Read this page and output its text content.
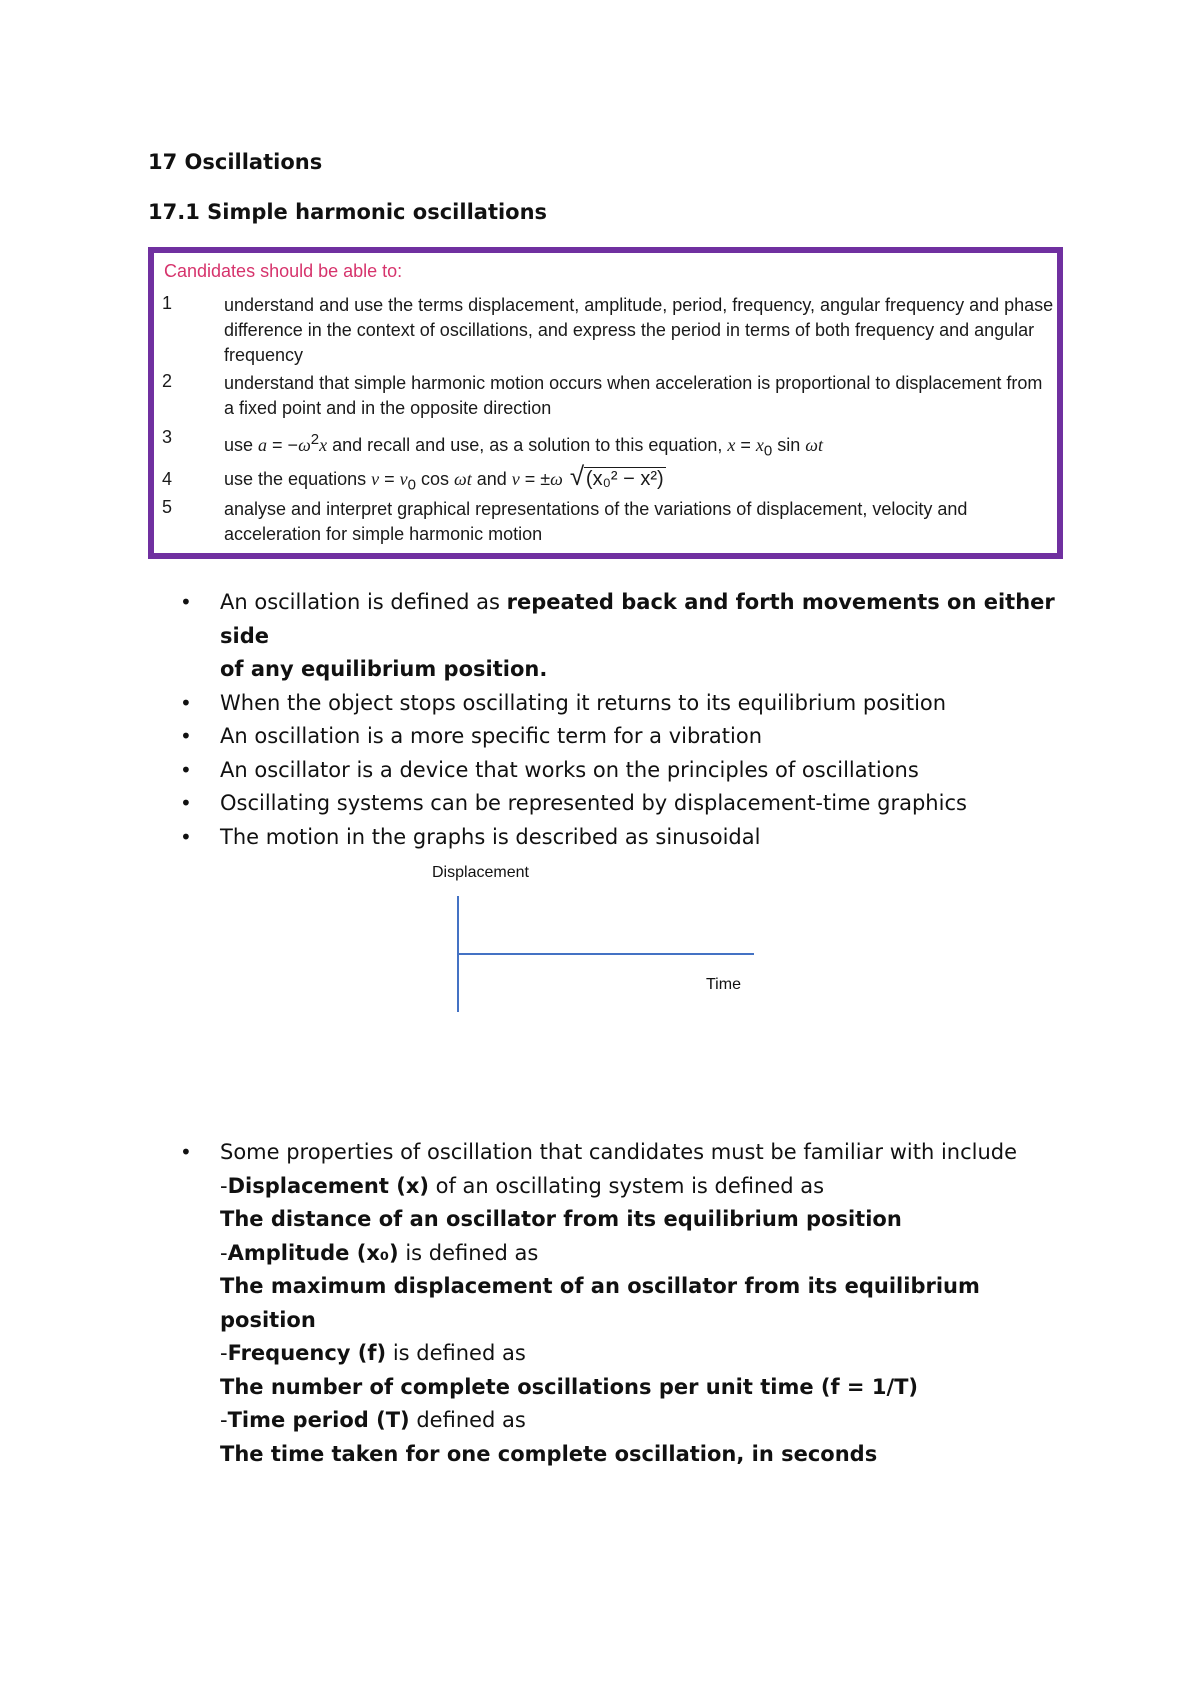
17 Oscillations
17.1 Simple harmonic oscillations
Candidates should be able to:
1	understand and use the terms displacement, amplitude, period, frequency, angular frequency and phase
difference in the context of oscillations, and express the period in terms of both frequency and angular
frequency
2	understand that simple harmonic motion occurs when acceleration is proportional to displacement from
a fixed point and in the opposite direction
3	use $a = -\omega^2x$ and recall and use, as a solution to this equation, $x = x_0$ sin ωt
4	use the equations $v = v_0$ cos ωt and v = ±ω √ (x₀² − x²)
5	analyse and interpret graphical representations of the variations of displacement, velocity and
acceleration for simple harmonic motion
• An oscillation is defined as repeated back and forth movements on either side
of any equilibrium position.
• When the object stops oscillating it returns to its equilibrium position
• An oscillation is a more specific term for a vibration
• An oscillator is a device that works on the principles of oscillations
• Oscillating systems can be represented by displacement-time graphics
• The motion in the graphs is described as sinusoidal
Displacement
Time
• Some properties of oscillation that candidates must be familiar with include
-Displacement (x) of an oscillating system is defined as
The distance of an oscillator from its equilibrium position
-Amplitude (x₀) is defined as
The maximum displacement of an oscillator from its equilibrium position
-Frequency (f) is defined as
The number of complete oscillations per unit time (f = 1/T)
-Time period (T) defined as
The time taken for one complete oscillation, in seconds
